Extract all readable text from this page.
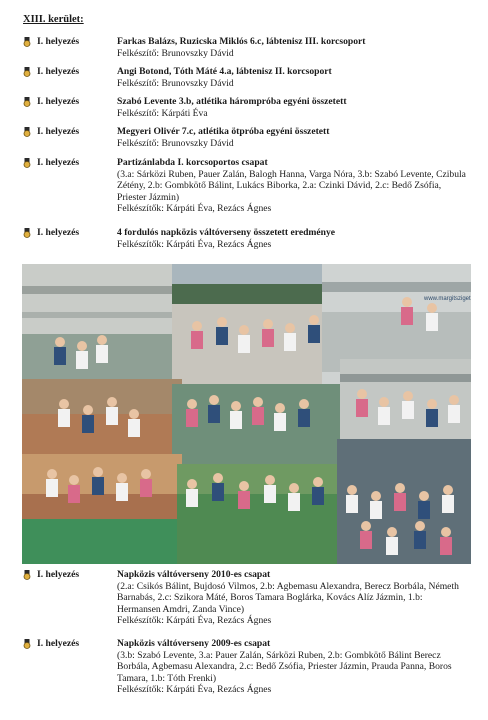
XIII. kerület:
I. helyezés	Farkas Balázs, Ruzicska Miklós 6.c, lábtenisz III. korcsoport
Felkészítő: Brunovszky Dávid
I. helyezés	Angi Botond, Tóth Máté 4.a, lábtenisz II. korcsoport
Felkészítő: Brunovszky Dávid
I. helyezés	Szabó Levente 3.b, atlétika hárompróba egyéni összetett
Felkészítő: Kárpáti Éva
I. helyezés	Megyeri Olivér 7.c, atlétika ötpróba egyéni összetett
Felkészítő: Brunovszky Dávid
I. helyezés	Partizánlabda I. korcsoportos csapat
(3.a: Sárközi Ruben, Pauer Zalán, Balogh Hanna, Varga Nóra, 3.b: Szabó Levente, Czibula Zétény, 2.b: Gombkötő Bálint, Lukács Biborka, 2.a: Czinki Dávid, 2.c: Bedő Zsófia, Priester Jázmin)
Felkészítők: Kárpáti Éva, Rezács Ágnes
I. helyezés	4 fordulós napközis váltóverseny összetett eredménye
Felkészítők: Kárpáti Éva, Rezács Ágnes
www.margitsziget
I. helyezés	Napközis váltóverseny 2010-es csapat
(2.a: Csikós Bálint, Bujdosó Vilmos, 2.b: Agbemasu Alexandra, Berecz Borbála, Németh Barnabás, 2.c: Szikora Máté, Boros Tamara Boglárka, Kovács Alíz Jázmin, 1.b: Hermansen Amdri, Zanda Vince)
Felkészítők: Kárpáti Éva, Rezács Ágnes
I. helyezés	Napközis váltóverseny 2009-es csapat
(3.b: Szabó Levente, 3.a: Pauer Zalán, Sárközi Ruben, 2.b: Gombkötő Bálint Berecz Borbála, Agbemasu Alexandra, 2.c: Bedő Zsófia, Priester Jázmin, Prauda Panna, Boros Tamara, 1.b: Tóth Frenki)
Felkészítők: Kárpáti Éva, Rezács Ágnes
